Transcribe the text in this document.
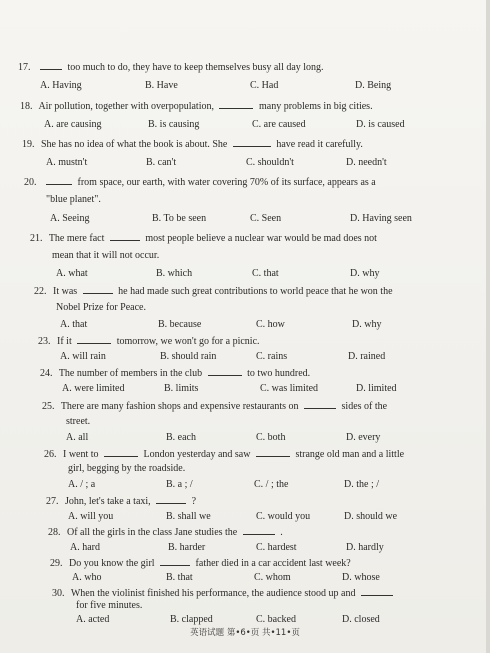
17.	too much to do, they have to keep themselves busy all day long.
A. Having	B. Have	C. Had	D. Being
18. Air pollution, together with overpopulation,	many problems in big cities.
A. are causing	B. is causing	C. are caused	D. is caused
19. She has no idea of what the book is about. She	have read it carefully.
A. mustn't	B. can't	C. shouldn't	D. needn't
20.	from space, our earth, with water covering 70% of its surface, appears as a
"blue planet".
A. Seeing	B. To be seen	C. Seen	D. Having seen
21. The mere fact	most people believe a nuclear war would be mad does not
mean that it will not occur.
A. what	B. which	C. that	D. why
22. It was	he had made such great contributions to world peace that he won the
Nobel Prize for Peace.
A. that	B. because	C. how	D. why
23. If it	tomorrow, we won't go for a picnic.
A. will rain	B. should rain	C. rains	D. rained
24. The number of members in the club	to two hundred.
A. were limited	B. limits	C. was limited	D. limited
25. There are many fashion shops and expensive restaurants on	sides of the
street.
A. all	B. each	C. both	D. every
26. I went to	London yesterday and saw	strange old man and a little
girl, begging by the roadside.
A. / ; a	B. a ; /	C. / ; the	D. the ; /
27. John, let's take a taxi,	?
A. will you	B. shall we	C. would you	D. should we
28. Of all the girls in the class Jane studies the	.
A. hard	B. harder	C. hardest	D. hardly
29. Do you know the girl	father died in a car accident last week?
A. who	B. that	C. whom	D. whose
30. When the violinist finished his performance, the audience stood up and
for five minutes.
A. acted	B. clapped	C. backed	D. closed
英语试题 第•6•页 共•11•页
